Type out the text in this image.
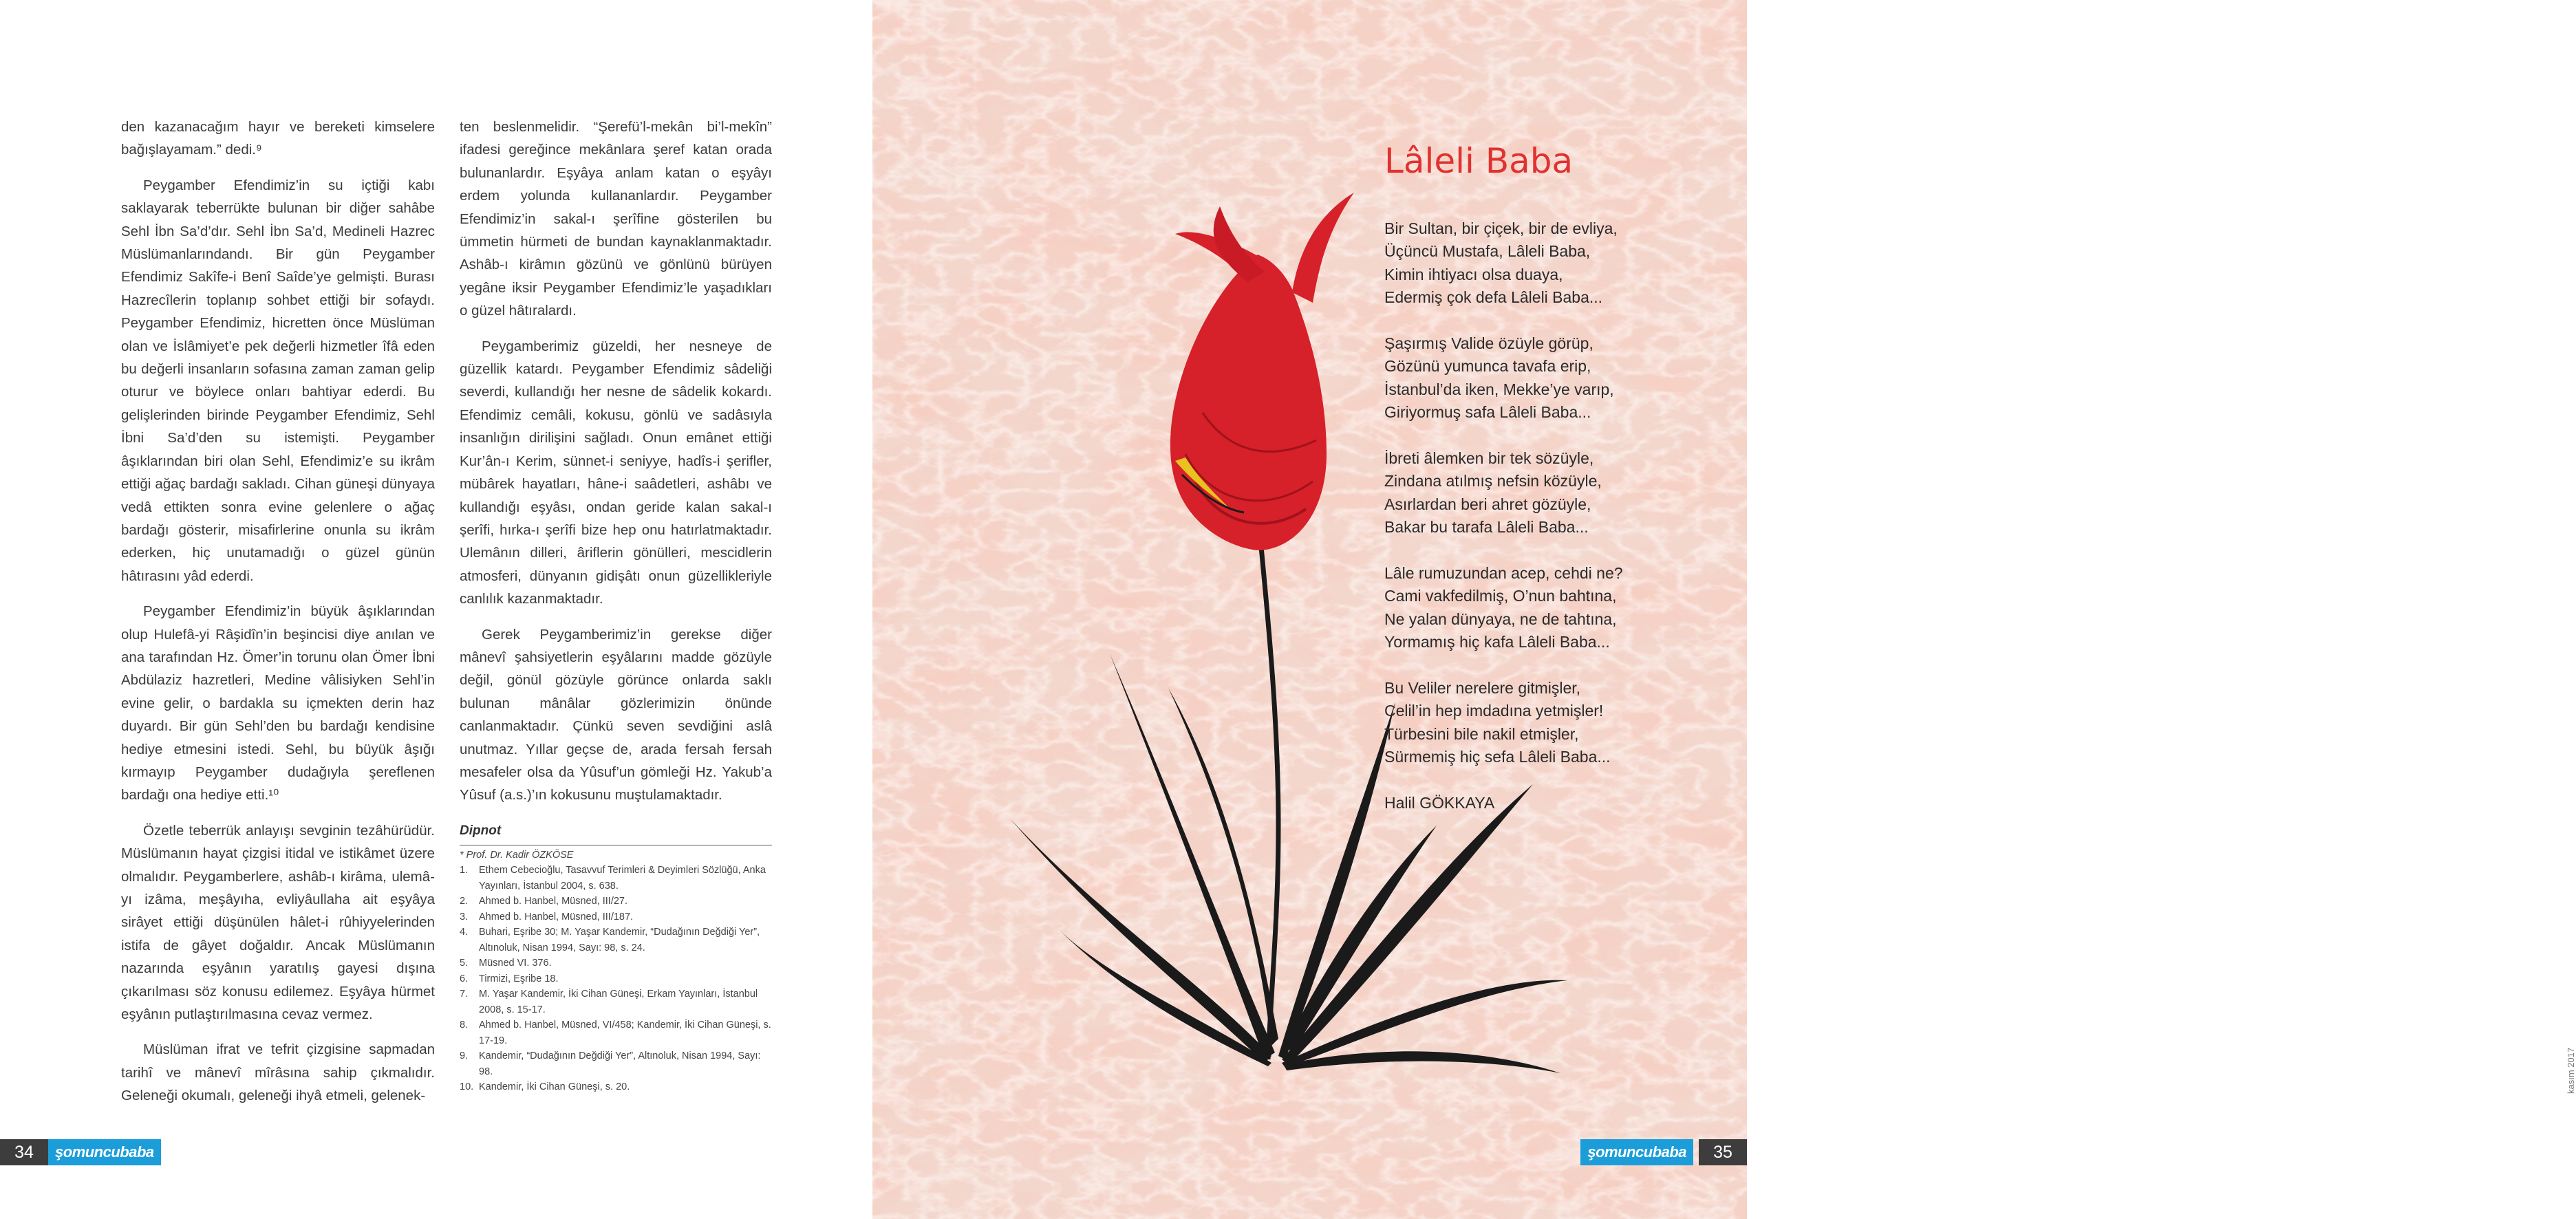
den kazanacağım hayır ve bereketi kimselere bağışlayamam.” dedi.⁹

Peygamber Efendimiz’in su içtiği kabı saklayarak teberrükte bulunan bir diğer sahâbe Sehl İbn Sa’d’dır. Sehl İbn Sa’d, Medineli Hazrec Müslümanlarındandı. Bir gün Peygamber Efendimiz Sakîfe-i Benî Saîde’ye gelmişti. Burası Hazrecîlerin toplanıp sohbet ettiği bir sofaydı. Peygamber Efendimiz, hicretten önce Müslüman olan ve İslâmiyet’e pek değerli hizmetler îfâ eden bu değerli insanların sofasına zaman zaman gelip oturur ve böylece onları bahtiyar ederdi. Bu gelişlerinden birinde Peygamber Efendimiz, Sehl İbni Sa’d’den su istemişti. Peygamber âşıklarından biri olan Sehl, Efendimiz’e su ikrâm ettiği ağaç bardağı sakladı. Cihan güneşi dünyaya vedâ ettikten sonra evine gelenlere o ağaç bardağı gösterir, misafirlerine onunla su ikrâm ederken, hiç unutamadığı o güzel günün hâtırasını yâd ederdi.

Peygamber Efendimiz’in büyük âşıklarından olup Hulefâ-yi Râşidîn’in beşincisi diye anılan ve ana tarafından Hz. Ömer’in torunu olan Ömer İbni Abdülaziz hazretleri, Medine vâlisiyken Sehl’in evine gelir, o bardakla su içmekten derin haz duyardı. Bir gün Sehl’den bu bardağı kendisine hediye etmesini istedi. Sehl, bu büyük âşığı kırmayıp Peygamber dudağıyla şereflenen bardağı ona hediye etti.¹⁰

Özetle teberrük anlayışı sevginin tezâhürüdür. Müslümanın hayat çizgisi itidal ve istikâmet üzere olmalıdır. Peygamberlere, ashâb-ı kirâma, ulemâ-yı izâma, meşâyıha, evliyâullaha ait eşyâya sirâyet ettiği düşünülen hâlet-i rûhiyyelerinden istifa de gâyet doğaldır. Ancak Müslümanın nazarında eşyânın yaratılış gayesi dışına çıkarılması söz konusu edilemez. Eşyâya hürmet eşyânın putlaştırılmasına cevaz vermez.

Müslüman ifrat ve tefrit çizgisine sapmadan tarihî ve mânevî mîrâsına sahip çıkmalıdır. Geleneği okumalı, geleneği ihyâ etmeli, gelenek-

ten beslenmelidir. “Şerefü’l-mekân bi’l-mekîn” ifadesi gereğince mekânlara şeref katan orada bulunanlardır. Eşyâya anlam katan o eşyâyı erdem yolunda kullananlardır. Peygamber Efendimiz’in sakal-ı şerîfine gösterilen bu ümmetin hürmeti de bundan kaynaklanmaktadır. Ashâb-ı kirâmın gözünü ve gönlünü bürüyen yegâne iksir Peygamber Efendimiz’le yaşadıkları o güzel hâtıralardı.

Peygamberimiz güzeldi, her nesneye de güzellik katardı. Peygamber Efendimiz sâdeliği severdi, kullandığı her nesne de sâdelik kokardı. Efendimiz cemâli, kokusu, gönlü ve sadâsıyla insanlığın dirilişini sağladı. Onun emânet ettiği Kur’ân-ı Kerim, sünnet-i seniyye, hadîs-i şerifler, mübârek hayatları, hâne-i saâdetleri, ashâbı ve kullandığı eşyâsı, ondan geride kalan sakal-ı şerîfi, hırka-ı şerîfi bize hep onu hatırlatmaktadır. Ulemânın dilleri, âriflerin gönülleri, mescidlerin atmosferi, dünyanın gidişâtı onun güzellikleriyle canlılık kazanmaktadır.

Gerek Peygamberimiz’in gerekse diğer mânevî şahsiyetlerin eşyâlarını madde gözüyle değil, gönül gözüyle görünce onlarda saklı bulunan mânâlar gözlerimizin önünde canlanmaktadır. Çünkü seven sevdiğini aslâ unutmaz. Yıllar geçse de, arada fersah fersah mesafeler olsa da Yûsuf’un gömleği Hz. Yakub’a Yûsuf (a.s.)’ın kokusunu muştulamaktadır.

Dipnot
* Prof. Dr. Kadir ÖZKÖSE
1. Ethem Cebecioğlu, Tasavvuf Terimleri & Deyimleri Sözlüğü, Anka Yayınları, İstanbul 2004, s. 638.
2. Ahmed b. Hanbel, Müsned, III/27.
3. Ahmed b. Hanbel, Müsned, III/187.
4. Buhari, Eşribe 30; M. Yaşar Kandemir, “Dudağının Değdiği Yer”, Altınoluk, Nisan 1994, Sayı: 98, s. 24.
5. Müsned VI. 376.
6. Tirmizi, Eşribe 18.
7. M. Yaşar Kandemir, İki Cihan Güneşi, Erkam Yayınları, İstanbul 2008, s. 15-17.
8. Ahmed b. Hanbel, Müsned, VI/458; Kandemir, İki Cihan Güneşi, s. 17-19.
9. Kandemir, “Dudağının Değdiği Yer”, Altınoluk, Nisan 1994, Sayı: 98.
10. Kandemir, İki Cihan Güneşi, s. 20.
34	şomuncubaba
kasım 2017
Lâleli Baba
Bir Sultan, bir çiçek, bir de evliya,
Üçüncü Mustafa, Lâleli Baba,
Kimin ihtiyacı olsa duaya,
Edermiş çok defa Lâleli Baba...
Şaşırmış Valide özüyle görüp,
Gözünü yumunca tavafa erip,
İstanbul’da iken, Mekke’ye varıp,
Giriyormuş safa Lâleli Baba...
İbreti âlemken bir tek sözüyle,
Zindana atılmış nefsin közüyle,
Asırlardan beri ahret gözüyle,
Bakar bu tarafa Lâleli Baba...
Lâle rumuzundan acep, cehdi ne?
Cami vakfedilmiş, O’nun bahtına,
Ne yalan dünyaya, ne de tahtına,
Yormamış hiç kafa Lâleli Baba...
Bu Veliler nerelere gitmişler,
Celil’in hep imdadına yetmişler!
Türbesini bile nakil etmişler,
Sürmemiş hiç sefa Lâleli Baba...
Halil GÖKKAYA
şomuncubaba	35
